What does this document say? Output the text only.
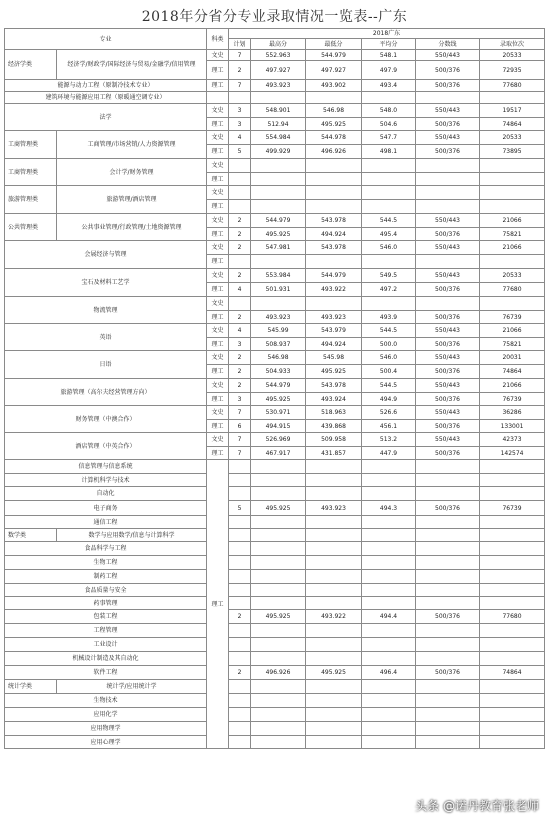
2018年分省分专业录取情况一览表--广东
专业		科类	2018广东					
			计划	最高分	最低分	平均分	分数线	录取位次
经济学类	经济学/财政学/国际经济与贸易/金融学/信用管理	文史	7	552.963	544.979	548.1	550/443	20533
		理工	2	497.927	497.927	497.9	500/376	72935
能源与动力工程（原制冷技术专业）		理工	7	493.923	493.902	493.4	500/376	77680
建筑环境与能源应用工程（原暖通空调专业）								
法学		文史	3	548.901	546.98	548.0	550/443	19517
		理工	3	512.94	495.925	504.6	500/376	74864
工商管理类	工商管理/市场营销/人力资源管理	文史	4	554.984	544.978	547.7	550/443	20533
		理工	5	499.929	496.926	498.1	500/376	73895
工商管理类	会计学/财务管理	文史						
		理工						
旅游管理类	旅游管理/酒店管理	文史						
		理工						
公共管理类	公共事业管理/行政管理/土地资源管理	文史	2	544.979	543.978	544.5	550/443	21066
		理工	2	495.925	494.924	495.4	500/376	75821
会展经济与管理		文史	2	547.981	543.978	546.0	550/443	21066
		理工						
宝石及材料工艺学		文史	2	553.984	544.979	549.5	550/443	20533
		理工	4	501.931	493.922	497.2	500/376	77680
物流管理		文史						
		理工	2	493.923	493.923	493.9	500/376	76739
英语		文史	4	545.99	543.979	544.5	550/443	21066
		理工	3	508.937	494.924	500.0	500/376	75821
日语		文史	2	546.98	545.98	546.0	550/443	20031
		理工	2	504.933	495.925	500.4	500/376	74864
旅游管理（高尔夫经营管理方向）		文史	2	544.979	543.978	544.5	550/443	21066
		理工	3	495.925	493.924	494.9	500/376	76739
财务管理（中澳合作）		文史	7	530.971	518.963	526.6	550/443	36286
		理工	6	494.915	439.868	456.1	500/376	133001
酒店管理（中英合作）		文史	7	526.969	509.958	513.2	550/443	42373
		理工	7	467.917	431.857	447.9	500/376	142574
信息管理与信息系统		理工						
计算机科学与技术								
自动化								
电子商务			5	495.925	493.923	494.3	500/376	76739
通信工程								
数学类	数学与应用数学/信息与计算科学							
食品科学与工程								
生物工程								
制药工程								
食品质量与安全								
药事管理								
包装工程			2	495.925	493.922	494.4	500/376	77680
工程管理								
工业设计								
机械设计制造及其自动化								
软件工程			2	496.926	495.925	496.4	500/376	74864
统计学类	统计学/应用统计学							
生物技术								
应用化学								
应用物理学								
应用心理学								
头条 @诺丹教育张老师
